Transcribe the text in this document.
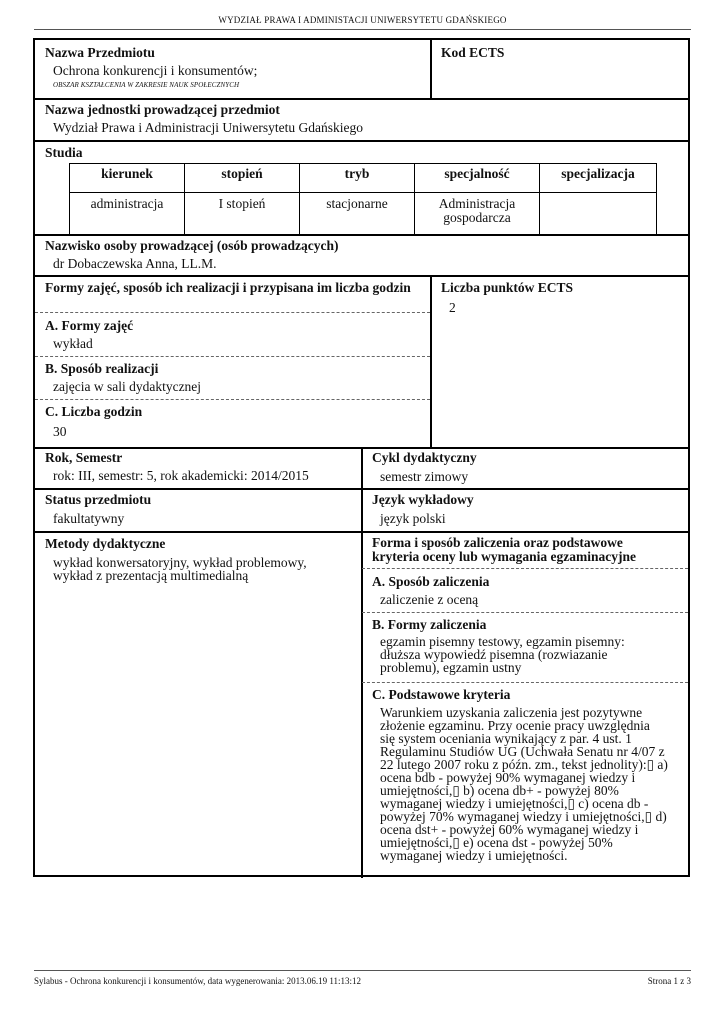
WYDZIAŁ PRAWA I ADMINISTACJI UNIWERSYTETU GDAŃSKIEGO
Nazwa Przedmiotu
Ochrona konkurencji i konsumentów;
OBSZAR KSZTAŁCENIA W ZAKRESIE NAUK SPOŁECZNYCH
Kod ECTS
Nazwa jednostki prowadzącej przedmiot
Wydział Prawa i Administracji Uniwersytetu Gdańskiego
Studia
kierunek	stopień	tryb	specjalność	specjalizacja
administracja	I stopień	stacjonarne	Administracja gospodarcza	
Nazwisko osoby prowadzącej (osób prowadzących)
dr Dobaczewska Anna, LL.M.
Formy zajęć, sposób ich realizacji i przypisana im liczba godzin
A. Formy zajęć
wykład
B. Sposób realizacji
zajęcia w sali dydaktycznej
C. Liczba godzin
30
Liczba punktów ECTS
2
Rok, Semestr
rok: III, semestr: 5, rok akademicki: 2014/2015
Cykl dydaktyczny
semestr zimowy
Status przedmiotu
fakultatywny
Język wykładowy
język polski
Metody dydaktyczne
wykład konwersatoryjny, wykład problemowy,
wykład z prezentacją multimedialną
Forma i sposób zaliczenia oraz podstawowe
kryteria oceny lub wymagania egzaminacyjne
A. Sposób zaliczenia
zaliczenie z oceną
B. Formy zaliczenia
egzamin pisemny testowy, egzamin pisemny:
dłuższa wypowiedź pisemna (rozwiazanie
problemu), egzamin ustny
C. Podstawowe kryteria
Warunkiem uzyskania zaliczenia jest pozytywne
złożenie egzaminu. Przy ocenie pracy uwzględnia
się system oceniania wynikający z par. 4 ust. 1
Regulaminu Studiów UG (Uchwała Senatu nr 4/07 z
22 lutego 2007 roku z późn. zm., tekst jednolity):▯ a)
ocena bdb - powyżej 90% wymaganej wiedzy i
umiejętności,▯ b) ocena db+ - powyżej 80%
wymaganej wiedzy i umiejętności,▯ c) ocena db -
powyżej 70% wymaganej wiedzy i umiejętności,▯ d)
ocena dst+ - powyżej 60% wymaganej wiedzy i
umiejętności,▯ e) ocena dst - powyżej 50%
wymaganej wiedzy i umiejętności.
Sylabus - Ochrona konkurencji i konsumentów, data wygenerowania: 2013.06.19 11:13:12	Strona 1 z 3
